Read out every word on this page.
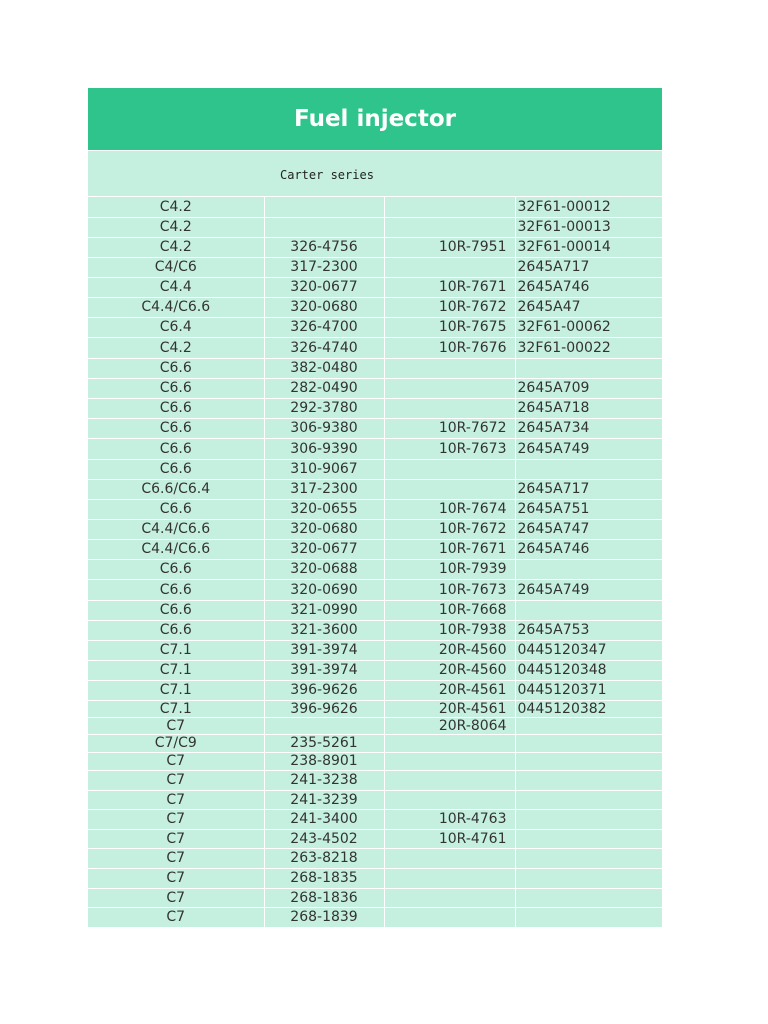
Fuel injector
Carter series
C4.2			32F61-00012
C4.2			32F61-00013
C4.2	326-4756	10R-7951	32F61-00014
C4/C6	317-2300		2645A717
C4.4	320-0677	10R-7671	2645A746
C4.4/C6.6	320-0680	10R-7672	2645A47
C6.4	326-4700	10R-7675	32F61-00062
C4.2	326-4740	10R-7676	32F61-00022
C6.6	382-0480		
C6.6	282-0490		2645A709
C6.6	292-3780		2645A718
C6.6	306-9380	10R-7672	2645A734
C6.6	306-9390	10R-7673	2645A749
C6.6	310-9067		
C6.6/C6.4	317-2300		2645A717
C6.6	320-0655	10R-7674	2645A751
C4.4/C6.6	320-0680	10R-7672	2645A747
C4.4/C6.6	320-0677	10R-7671	2645A746
C6.6	320-0688	10R-7939	
C6.6	320-0690	10R-7673	2645A749
C6.6	321-0990	10R-7668	
C6.6	321-3600	10R-7938	2645A753
C7.1	391-3974	20R-4560	0445120347
C7.1	391-3974	20R-4560	0445120348
C7.1	396-9626	20R-4561	0445120371
C7.1	396-9626	20R-4561	0445120382
C7		20R-8064	
C7/C9	235-5261		
C7	238-8901		
C7	241-3238		
C7	241-3239		
C7	241-3400	10R-4763	
C7	243-4502	10R-4761	
C7	263-8218		
C7	268-1835		
C7	268-1836		
C7	268-1839		
